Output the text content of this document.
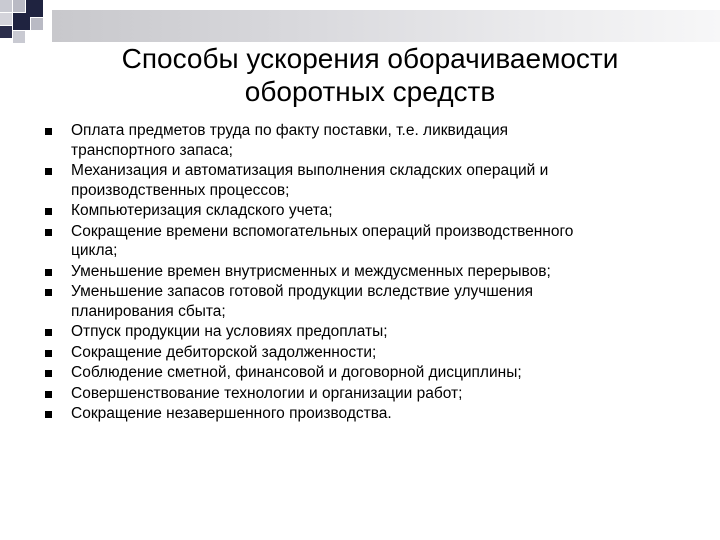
Способы ускорения оборачиваемости
оборотных средств
Оплата предметов труда по факту поставки, т.е. ликвидация
транспортного запаса;
Механизация и автоматизация выполнения складских операций и
производственных процессов;
Компьютеризация складского учета;
Сокращение времени вспомогательных операций производственного
цикла;
Уменьшение времен внутрисменных и междусменных перерывов;
Уменьшение запасов готовой продукции вследствие улучшения
планирования сбыта;
Отпуск продукции на условиях предоплаты;
Сокращение дебиторской задолженности;
Соблюдение сметной, финансовой и договорной дисциплины;
Совершенствование технологии и организации работ;
Сокращение незавершенного производства.
